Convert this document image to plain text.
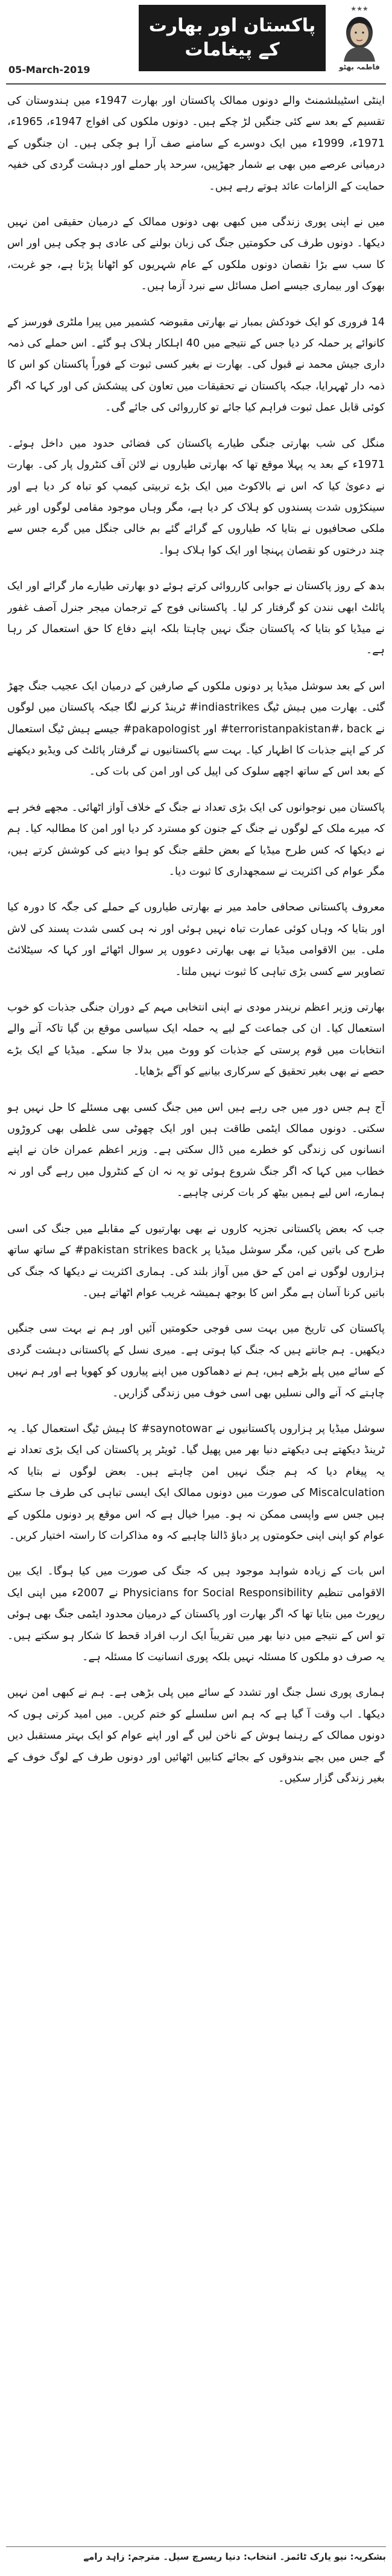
05-March-2019
پاکستان اور بھارت کے پیغامات
★★★
فاطمہ بھٹو

اینٹی اسٹیبلشمنٹ والے دونوں ممالک پاکستان اور بھارت 1947ء میں ہندوستان کی تقسیم کے بعد سے کئی جنگیں لڑ چکے ہیں۔ دونوں ملکوں کی افواج 1947ء، 1965ء، 1971ء، 1999ء میں ایک دوسرے کے سامنے صف آرا ہو چکی ہیں۔ ان جنگوں کے درمیانی عرصے میں بھی بے شمار جھڑپیں، سرحد پار حملے اور دہشت گردی کی خفیہ حمایت کے الزامات عائد ہوتے رہے ہیں۔

میں نے اپنی پوری زندگی میں کبھی بھی دونوں ممالک کے درمیان حقیقی امن نہیں دیکھا۔ دونوں طرف کی حکومتیں جنگ کی زبان بولنے کی عادی ہو چکی ہیں اور اس کا سب سے بڑا نقصان دونوں ملکوں کے عام شہریوں کو اٹھانا پڑتا ہے، جو غربت، بھوک اور بیماری جیسے اصل مسائل سے نبرد آزما ہیں۔

14 فروری کو ایک خودکش بمبار نے بھارتی مقبوضہ کشمیر میں پیرا ملٹری فورسز کے کانوائے پر حملہ کر دیا جس کے نتیجے میں 40 اہلکار ہلاک ہو گئے۔ اس حملے کی ذمہ داری جیش محمد نے قبول کی۔ بھارت نے بغیر کسی ثبوت کے فوراً پاکستان کو اس کا ذمہ دار ٹھہرایا، جبکہ پاکستان نے تحقیقات میں تعاون کی پیشکش کی اور کہا کہ اگر کوئی قابل عمل ثبوت فراہم کیا جائے تو کارروائی کی جائے گی۔

منگل کی شب بھارتی جنگی طیارے پاکستان کی فضائی حدود میں داخل ہوئے۔ 1971ء کے بعد یہ پہلا موقع تھا کہ بھارتی طیاروں نے لائن آف کنٹرول پار کی۔ بھارت نے دعویٰ کیا کہ اس نے بالاکوٹ میں ایک بڑے تربیتی کیمپ کو تباہ کر دیا ہے اور سینکڑوں شدت پسندوں کو ہلاک کر دیا ہے، مگر وہاں موجود مقامی لوگوں اور غیر ملکی صحافیوں نے بتایا کہ طیاروں کے گرائے گئے بم خالی جنگل میں گرے جس سے چند درختوں کو نقصان پہنچا اور ایک کوا ہلاک ہوا۔

بدھ کے روز پاکستان نے جوابی کارروائی کرتے ہوئے دو بھارتی طیارے مار گرائے اور ایک پائلٹ ابھی نندن کو گرفتار کر لیا۔ پاکستانی فوج کے ترجمان میجر جنرل آصف غفور نے میڈیا کو بتایا کہ پاکستان جنگ نہیں چاہتا بلکہ اپنے دفاع کا حق استعمال کر رہا ہے۔

اس کے بعد سوشل میڈیا پر دونوں ملکوں کے صارفین کے درمیان ایک عجیب جنگ چھڑ گئی۔ بھارت میں ہیش ٹیگ indiastrikes# ٹرینڈ کرنے لگا جبکہ پاکستان میں لوگوں نے terroristanpakistan#، back# اور pakapologist# جیسے ہیش ٹیگ استعمال کر کے اپنے جذبات کا اظہار کیا۔ بہت سے پاکستانیوں نے گرفتار پائلٹ کی ویڈیو دیکھنے کے بعد اس کے ساتھ اچھے سلوک کی اپیل کی اور امن کی بات کی۔

پاکستان میں نوجوانوں کی ایک بڑی تعداد نے جنگ کے خلاف آواز اٹھائی۔ مجھے فخر ہے کہ میرے ملک کے لوگوں نے جنگ کے جنون کو مسترد کر دیا اور امن کا مطالبہ کیا۔ ہم نے دیکھا کہ کس طرح میڈیا کے بعض حلقے جنگ کو ہوا دینے کی کوشش کرتے ہیں، مگر عوام کی اکثریت نے سمجھداری کا ثبوت دیا۔

معروف پاکستانی صحافی حامد میر نے بھارتی طیاروں کے حملے کی جگہ کا دورہ کیا اور بتایا کہ وہاں کوئی عمارت تباہ نہیں ہوئی اور نہ ہی کسی شدت پسند کی لاش ملی۔ بین الاقوامی میڈیا نے بھی بھارتی دعووں پر سوال اٹھائے اور کہا کہ سیٹلائٹ تصاویر سے کسی بڑی تباہی کا ثبوت نہیں ملتا۔

بھارتی وزیر اعظم نریندر مودی نے اپنی انتخابی مہم کے دوران جنگی جذبات کو خوب استعمال کیا۔ ان کی جماعت کے لیے یہ حملہ ایک سیاسی موقع بن گیا تاکہ آنے والے انتخابات میں قوم پرستی کے جذبات کو ووٹ میں بدلا جا سکے۔ میڈیا کے ایک بڑے حصے نے بھی بغیر تحقیق کے سرکاری بیانیے کو آگے بڑھایا۔

آج ہم جس دور میں جی رہے ہیں اس میں جنگ کسی بھی مسئلے کا حل نہیں ہو سکتی۔ دونوں ممالک ایٹمی طاقت ہیں اور ایک چھوٹی سی غلطی بھی کروڑوں انسانوں کی زندگی کو خطرے میں ڈال سکتی ہے۔ وزیر اعظم عمران خان نے اپنے خطاب میں کہا کہ اگر جنگ شروع ہوئی تو یہ نہ ان کے کنٹرول میں رہے گی اور نہ ہمارے، اس لیے ہمیں بیٹھ کر بات کرنی چاہیے۔

جب کہ بعض پاکستانی تجزیہ کاروں نے بھی بھارتیوں کے مقابلے میں جنگ کی اسی طرح کی باتیں کیں، مگر سوشل میڈیا پر pakistan strikes back# کے ساتھ ساتھ ہزاروں لوگوں نے امن کے حق میں آواز بلند کی۔ ہماری اکثریت نے دیکھا کہ جنگ کی باتیں کرنا آسان ہے مگر اس کا بوجھ ہمیشہ غریب عوام اٹھاتے ہیں۔

پاکستان کی تاریخ میں بہت سی فوجی حکومتیں آئیں اور ہم نے بہت سی جنگیں دیکھیں۔ ہم جانتے ہیں کہ جنگ کیا ہوتی ہے۔ میری نسل کے پاکستانی دہشت گردی کے سائے میں پلے بڑھے ہیں، ہم نے دھماکوں میں اپنے پیاروں کو کھویا ہے اور ہم نہیں چاہتے کہ آنے والی نسلیں بھی اسی خوف میں زندگی گزاریں۔

سوشل میڈیا پر ہزاروں پاکستانیوں نے saynotowar# کا ہیش ٹیگ استعمال کیا۔ یہ ٹرینڈ دیکھتے ہی دیکھتے دنیا بھر میں پھیل گیا۔ ٹویٹر پر پاکستان کی ایک بڑی تعداد نے یہ پیغام دیا کہ ہم جنگ نہیں امن چاہتے ہیں۔ بعض لوگوں نے بتایا کہ Miscalculation کی صورت میں دونوں ممالک ایک ایسی تباہی کی طرف جا سکتے ہیں جس سے واپسی ممکن نہ ہو۔ میرا خیال ہے کہ اس موقع پر دونوں ملکوں کے عوام کو اپنی اپنی حکومتوں پر دباؤ ڈالنا چاہیے کہ وہ مذاکرات کا راستہ اختیار کریں۔

اس بات کے زیادہ شواہد موجود ہیں کہ جنگ کی صورت میں کیا ہوگا۔ ایک بین الاقوامی تنظیم Physicians for Social Responsibility نے 2007ء میں اپنی ایک رپورٹ میں بتایا تھا کہ اگر بھارت اور پاکستان کے درمیان محدود ایٹمی جنگ بھی ہوئی تو اس کے نتیجے میں دنیا بھر میں تقریباً ایک ارب افراد قحط کا شکار ہو سکتے ہیں۔ یہ صرف دو ملکوں کا مسئلہ نہیں بلکہ پوری انسانیت کا مسئلہ ہے۔

ہماری پوری نسل جنگ اور تشدد کے سائے میں پلی بڑھی ہے۔ ہم نے کبھی امن نہیں دیکھا۔ اب وقت آ گیا ہے کہ ہم اس سلسلے کو ختم کریں۔ میں امید کرتی ہوں کہ دونوں ممالک کے رہنما ہوش کے ناخن لیں گے اور اپنے عوام کو ایک بہتر مستقبل دیں گے جس میں بچے بندوقوں کے بجائے کتابیں اٹھائیں اور دونوں طرف کے لوگ خوف کے بغیر زندگی گزار سکیں۔

بشکریہ: نیو یارک ٹائمز۔ انتخاب: دنیا ریسرچ سیل۔ مترجم: زاہد رامے
